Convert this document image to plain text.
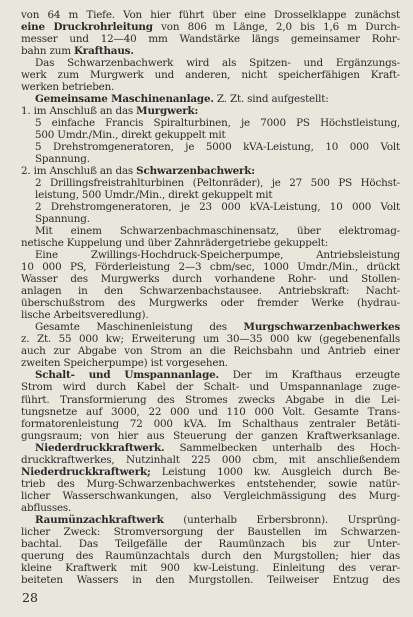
von 64 m Tiefe. Von hier führt über eine Drosselklappe zunächst
eine Druckrohrleitung von 806 m Länge, 2,0 bis 1,6 m Durch-
messer und 12—40 mm Wandstärke längs gemeinsamer Rohr-
bahn zum Krafthaus.
Das Schwarzenbachwerk wird als Spitzen- und Ergänzungs-
werk zum Murgwerk und anderen, nicht speicherfähigen Kraft-
werken betrieben.
Gemeinsame Maschinenanlage. Z. Zt. sind aufgestellt:
1. im Anschluß an das Murgwerk:
5 einfache Francis Spiralturbinen, je 7000 PS Höchstleistung,
500 Umdr./Min., direkt gekuppelt mit
5 Drehstromgeneratoren, je 5000 kVA-Leistung, 10 000 Volt
Spannung.
2. im Anschluß an das Schwarzenbachwerk:
2 Drillingsfreistrahlturbinen (Peltonräder), je 27 500 PS Höchst-
leistung, 500 Umdr./Min., direkt gekuppelt mit
2 Drehstromgeneratoren, je 23 000 kVA-Leistung, 10 000 Volt
Spannung.
Mit einem Schwarzenbachmaschinensatz, über elektromag-
netische Kuppelung und über Zahnrädergetriebe gekuppelt:
Eine Zwillings-Hochdruck-Speicherpumpe, Antriebsleistung
10 000 PS, Förderleistung 2—3 cbm/sec, 1000 Umdr./Min., drückt
Wasser des Murgwerks durch vorhandene Rohr- und Stollen-
anlagen in den Schwarzenbachstausee. Antriebskraft: Nacht-
überschußstrom des Murgwerks oder fremder Werke (hydrau-
lische Arbeitsveredlung).
Gesamte Maschinenleistung des Murgschwarzenbachwerkes
z. Zt. 55 000 kw; Erweiterung um 30—35 000 kw (gegebenenfalls
auch zur Abgabe von Strom an die Reichsbahn und Antrieb einer
zweiten Speicherpumpe) ist vorgesehen.
Schalt- und Umspannanlage. Der im Krafthaus erzeugte
Strom wird durch Kabel der Schalt- und Umspannanlage zuge-
führt. Transformierung des Stromes zwecks Abgabe in die Lei-
tungsnetze auf 3000, 22 000 und 110 000 Volt. Gesamte Trans-
formatorenleistung 72 000 kVA. Im Schalthaus zentraler Betäti-
gungsraum; von hier aus Steuerung der ganzen Kraftwerksanlage.
Niederdruckkraftwerk. Sammelbecken unterhalb des Hoch-
druckkraftwerkes, Nutzinhalt 225 000 cbm, mit anschließendem
Niederdruckkraftwerk; Leistung 1000 kw. Ausgleich durch Be-
trieb des Murg-Schwarzenbachwerkes entstehender, sowie natür-
licher Wasserschwankungen, also Vergleichmässigung des Murg-
abflusses.
Raumünzachkraftwerk (unterhalb Erbersbronn). Ursprüng-
licher Zweck: Stromversorgung der Baustellen im Schwarzen-
bachtal. Das Teilgefälle der Raumünzach bis zur Unter-
querung des Raumünzachtals durch den Murgstollen; hier das
kleine Kraftwerk mit 900 kw-Leistung. Einleitung des verar-
beiteten Wassers in den Murgstollen. Teilweiser Entzug des
28
